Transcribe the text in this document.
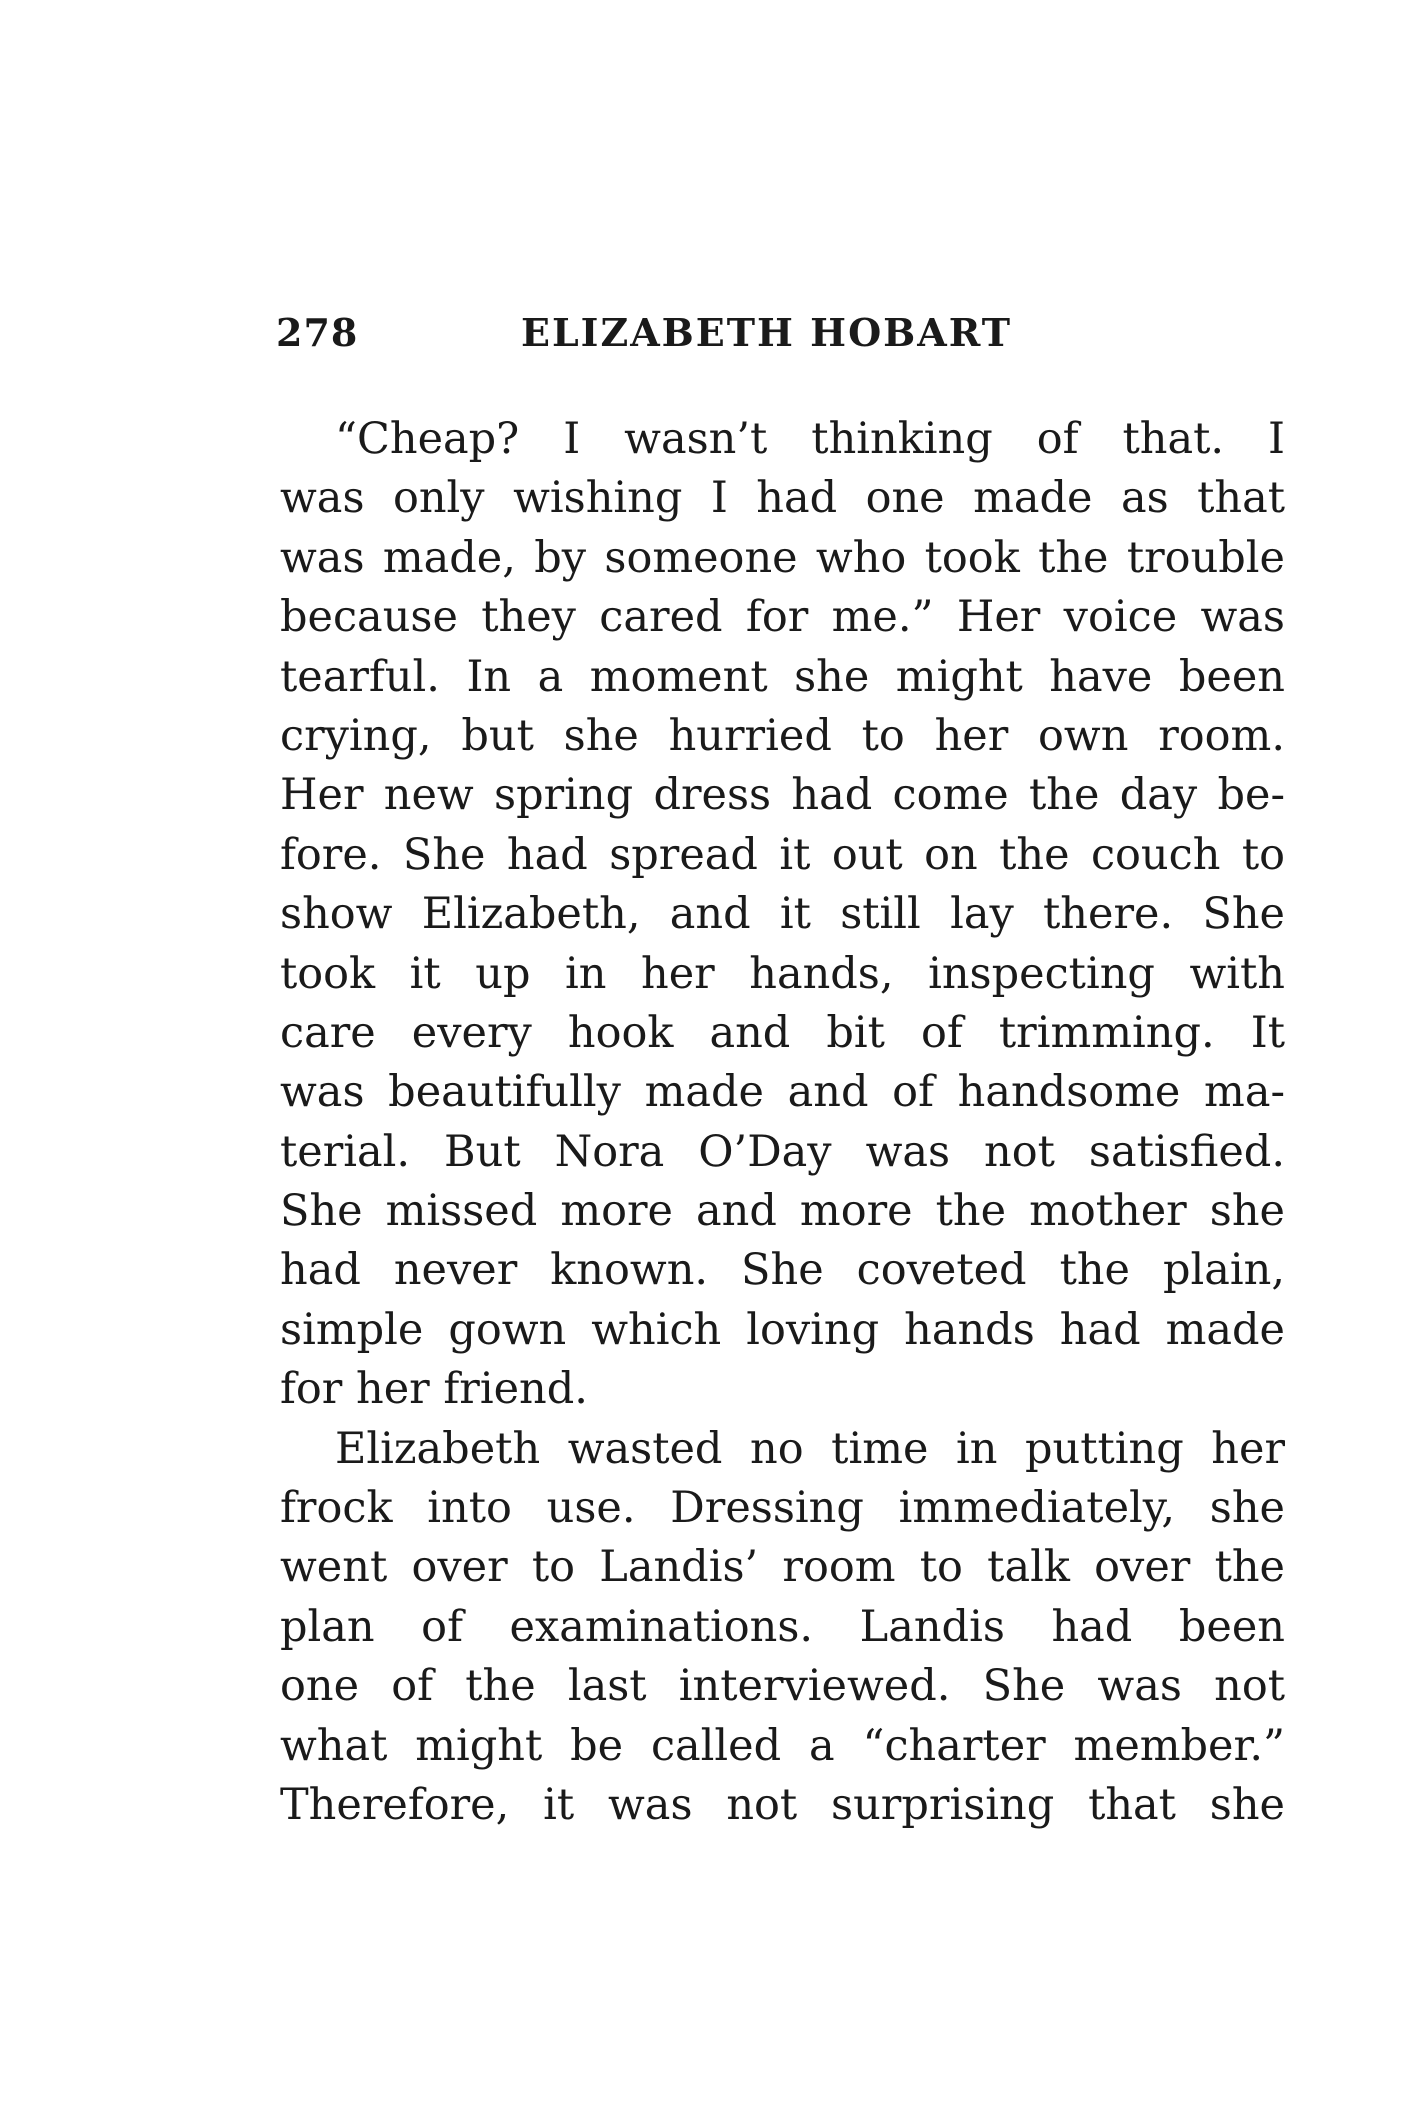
278	ELIZABETH HOBART
“Cheap? I wasn’t thinking of that. I
was only wishing I had one made as that
was made, by someone who took the trouble
because they cared for me.” Her voice was
tearful. In a moment she might have been
crying, but she hurried to her own room.
Her new spring dress had come the day be-
fore. She had spread it out on the couch to
show Elizabeth, and it still lay there. She
took it up in her hands, inspecting with
care every hook and bit of trimming. It
was beautifully made and of handsome ma-
terial. But Nora O’Day was not satisfied.
She missed more and more the mother she
had never known. She coveted the plain,
simple gown which loving hands had made
for her friend.
Elizabeth wasted no time in putting her
frock into use. Dressing immediately, she
went over to Landis’ room to talk over the
plan of examinations. Landis had been
one of the last interviewed. She was not
what might be called a “charter member.”
Therefore, it was not surprising that she
